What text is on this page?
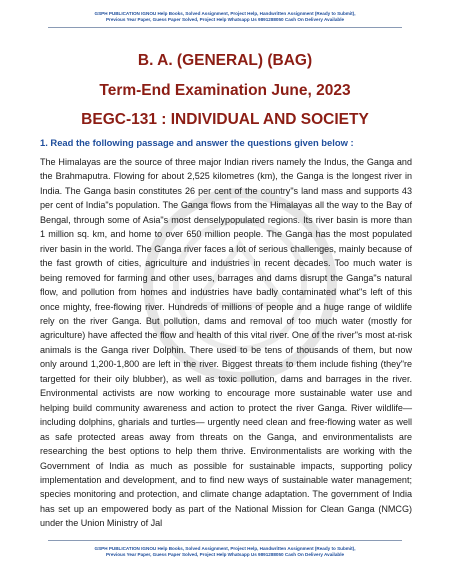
GSPH PUBLICATION IGNOU Help Books, Solved Assignment, Project Help, Handwritten Assignment (Ready to Submit),
Previous Year Paper, Guess Paper Solved, Project Help Whatsapp Us 9891288050 Cash On Delivery Available
B. A. (GENERAL) (BAG)
Term-End Examination June, 2023
BEGC-131 : INDIVIDUAL AND SOCIETY
1. Read the following passage and answer the questions given below :
The Himalayas are the source of three major Indian rivers namely the Indus, the Ganga and the Brahmaputra. Flowing for about 2,525 kilometres (km), the Ganga is the longest river in India. The Ganga basin constitutes 26 per cent of the country"s land mass and supports 43 per cent of India"s population. The Ganga flows from the Himalayas all the way to the Bay of Bengal, through some of Asia"s most denselypopulated regions. Its river basin is more than 1 million sq. km, and home to over 650 million people. The Ganga has the most populated river basin in the world. The Ganga river faces a lot of serious challenges, mainly because of the fast growth of cities, agriculture and industries in recent decades. Too much water is being removed for farming and other uses, barrages and dams disrupt the Ganga"s natural flow, and pollution from homes and industries have badly contaminated what"s left of this once mighty, free-flowing river. Hundreds of millions of people and a huge range of wildlife rely on the river Ganga. But pollution, dams and removal of too much water (mostly for agriculture) have affected the flow and health of this vital river. One of the river"s most at-risk animals is the Ganga river Dolphin. There used to be tens of thousands of them, but now only around 1,200-1,800 are left in the river. Biggest threats to them include fishing (they"re targetted for their oily blubber), as well as toxic pollution, dams and barrages in the river. Environmental activists are now working to encourage more sustainable water use and helping build community awareness and action to protect the river Ganga. River wildlife— including dolphins, gharials and turtles— urgently need clean and free-flowing water as well as safe protected areas away from threats on the Ganga, and environmentalists are researching the best options to help them thrive. Environmentalists are working with the Government of India as much as possible for sustainable impacts, supporting policy implementation and development, and to find new ways of sustainable water management; species monitoring and protection, and climate change adaptation. The government of India has set up an empowered body as part of the National Mission for Clean Ganga (NMCG) under the Union Ministry of Jal
GSPH PUBLICATION IGNOU Help Books, Solved Assignment, Project Help, Handwritten Assignment (Ready to Submit),
Previous Year Paper, Guess Paper Solved, Project Help Whatsapp Us 9891288050 Cash On Delivery Available
